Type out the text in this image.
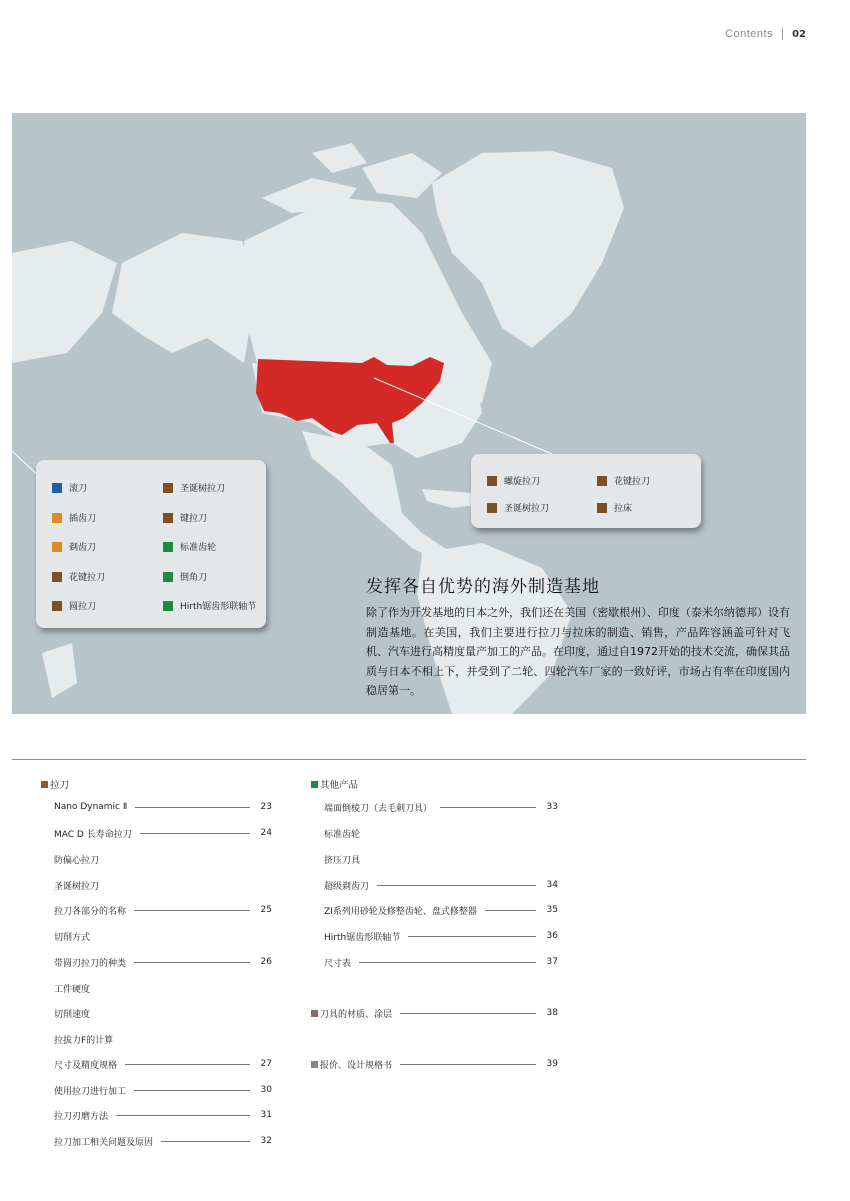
Contents 02
滚刀	圣诞树拉刀
插齿刀	键拉刀
剃齿刀	标准齿轮
花键拉刀	倒角刀
圆拉刀	Hirth锯齿形联轴节
螺旋拉刀	花键拉刀
圣诞树拉刀	拉床
发挥各自优势的海外制造基地

除了作为开发基地的日本之外，我们还在美国（密歇根州）、印度（泰米尔纳德邦）设有制造基地。在美国，我们主要进行拉刀与拉床的制造、销售，产品阵容涵盖可针对飞机、汽车进行高精度量产加工的产品。在印度，通过自1972开始的技术交流，确保其品质与日本不相上下，并受到了二轮、四轮汽车厂家的一致好评，市场占有率在印度国内稳居第一。

拉刀
Nano Dynamic Ⅱ	23
MAC D 长寿命拉刀	24
防偏心拉刀
圣诞树拉刀
拉刀各部分的名称	25
切削方式
带圆刃拉刀的种类	26
工件硬度
切削速度
拉拔力F的计算
尺寸及精度规格	27
使用拉刀进行加工	30
拉刀刃磨方法	31
拉刀加工相关问题及原因	32
其他产品
端面倒棱刀（去毛刺刀具）	33
标准齿轮
挤压刀具
超级剃齿刀	34
ZI系列用砂轮及修整齿轮、盘式修整器	35
Hirth锯齿形联轴节	36
尺寸表	37
刀具的材质、涂层	38
报价、设计规格书	39
